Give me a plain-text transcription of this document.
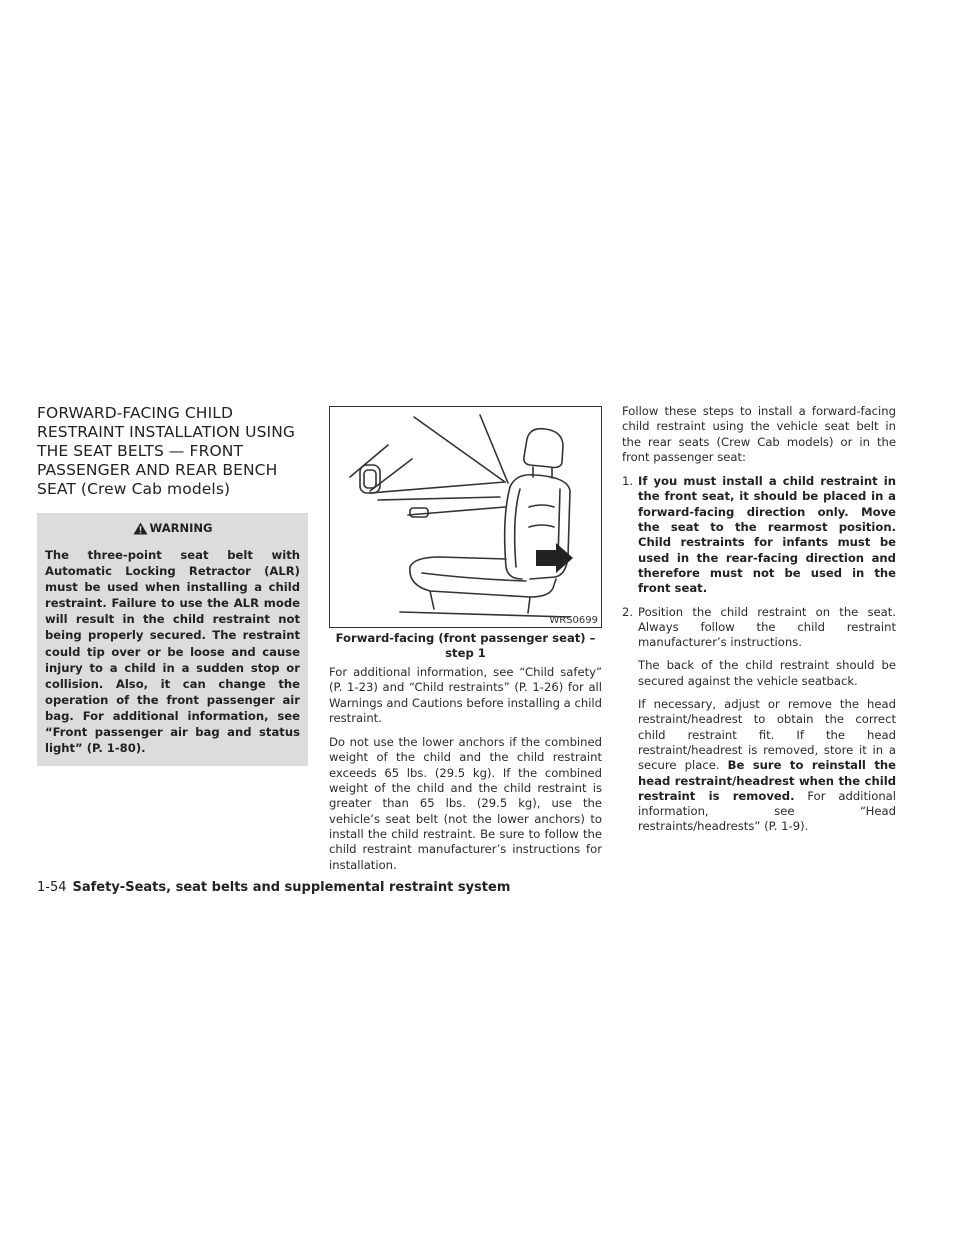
FORWARD-FACING CHILD
RESTRAINT INSTALLATION USING
THE SEAT BELTS — FRONT
PASSENGER AND REAR BENCH
SEAT (Crew Cab models)
WARNING

The three-point seat belt with Automatic Locking Retractor (ALR) must be used when installing a child restraint. Failure to use the ALR mode will result in the child restraint not being properly secured. The restraint could tip over or be loose and cause injury to a child in a sudden stop or collision. Also, it can change the operation of the front passenger air bag. For additional information, see “Front passenger air bag and status light” (P. 1-80).

WRS0699

Forward-facing (front passenger seat) –
step 1

For additional information, see “Child safety” (P. 1-23) and “Child restraints” (P. 1-26) for all Warnings and Cautions before installing a child restraint.

Do not use the lower anchors if the combined weight of the child and the child restraint exceeds 65 lbs. (29.5 kg). If the combined weight of the child and the child restraint is greater than 65 lbs. (29.5 kg), use the vehicle’s seat belt (not the lower anchors) to install the child restraint. Be sure to follow the child restraint manufacturer’s instructions for installation.

Follow these steps to install a forward-facing child restraint using the vehicle seat belt in the rear seats (Crew Cab models) or in the front passenger seat:

1. If you must install a child restraint in the front seat, it should be placed in a forward-facing direction only. Move the seat to the rearmost position. Child restraints for infants must be used in the rear-facing direction and therefore must not be used in the front seat.
2. Position the child restraint on the seat. Always follow the child restraint manufacturer’s instructions.

The back of the child restraint should be secured against the vehicle seatback.

If necessary, adjust or remove the head restraint/headrest to obtain the correct child restraint fit. If the head restraint/headrest is removed, store it in a secure place. Be sure to reinstall the head restraint/headrest when the child restraint is removed. For additional information, see “Head restraints/headrests” (P. 1-9).

1-54 Safety-Seats, seat belts and supplemental restraint system
